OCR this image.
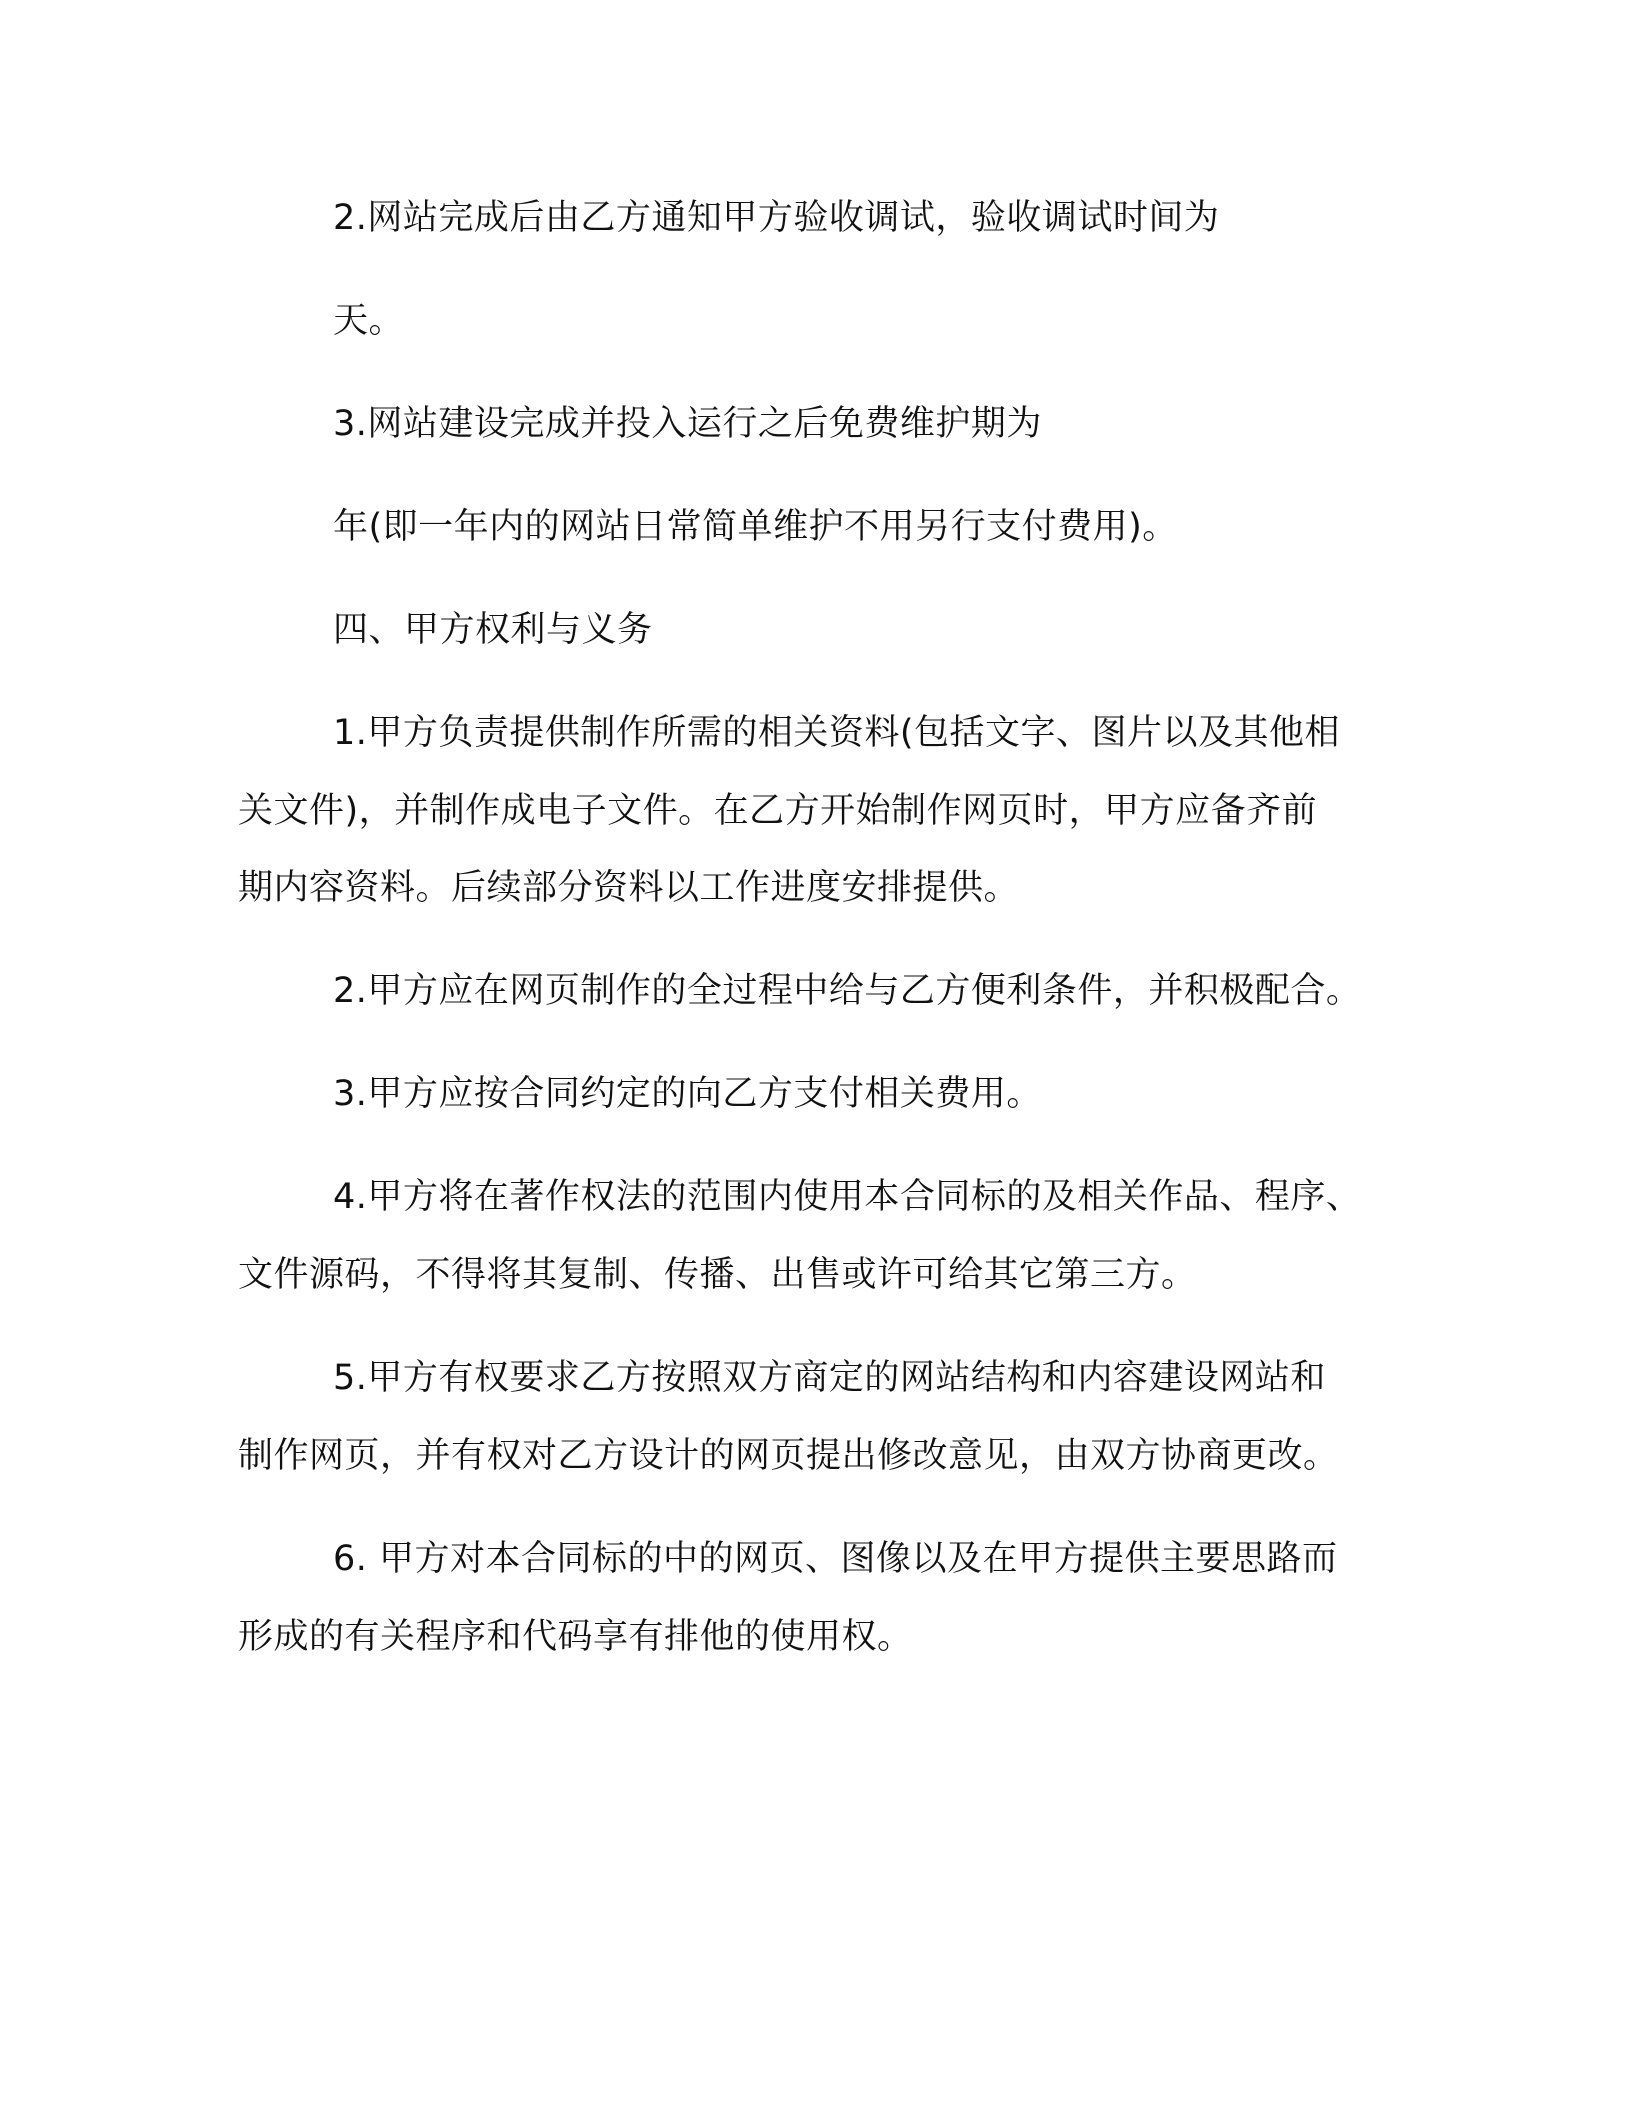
2.网站完成后由乙方通知甲方验收调试，验收调试时间为
天。
3.网站建设完成并投入运行之后免费维护期为
年(即一年内的网站日常简单维护不用另行支付费用)。
四、甲方权利与义务
1.甲方负责提供制作所需的相关资料(包括文字、图片以及其他相
关文件)，并制作成电子文件。在乙方开始制作网页时，甲方应备齐前
期内容资料。后续部分资料以工作进度安排提供。
2.甲方应在网页制作的全过程中给与乙方便利条件，并积极配合。
3.甲方应按合同约定的向乙方支付相关费用。
4.甲方将在著作权法的范围内使用本合同标的及相关作品、程序、
文件源码，不得将其复制、传播、出售或许可给其它第三方。
5.甲方有权要求乙方按照双方商定的网站结构和内容建设网站和
制作网页，并有权对乙方设计的网页提出修改意见，由双方协商更改。
6. 甲方对本合同标的中的网页、图像以及在甲方提供主要思路而
形成的有关程序和代码享有排他的使用权。
